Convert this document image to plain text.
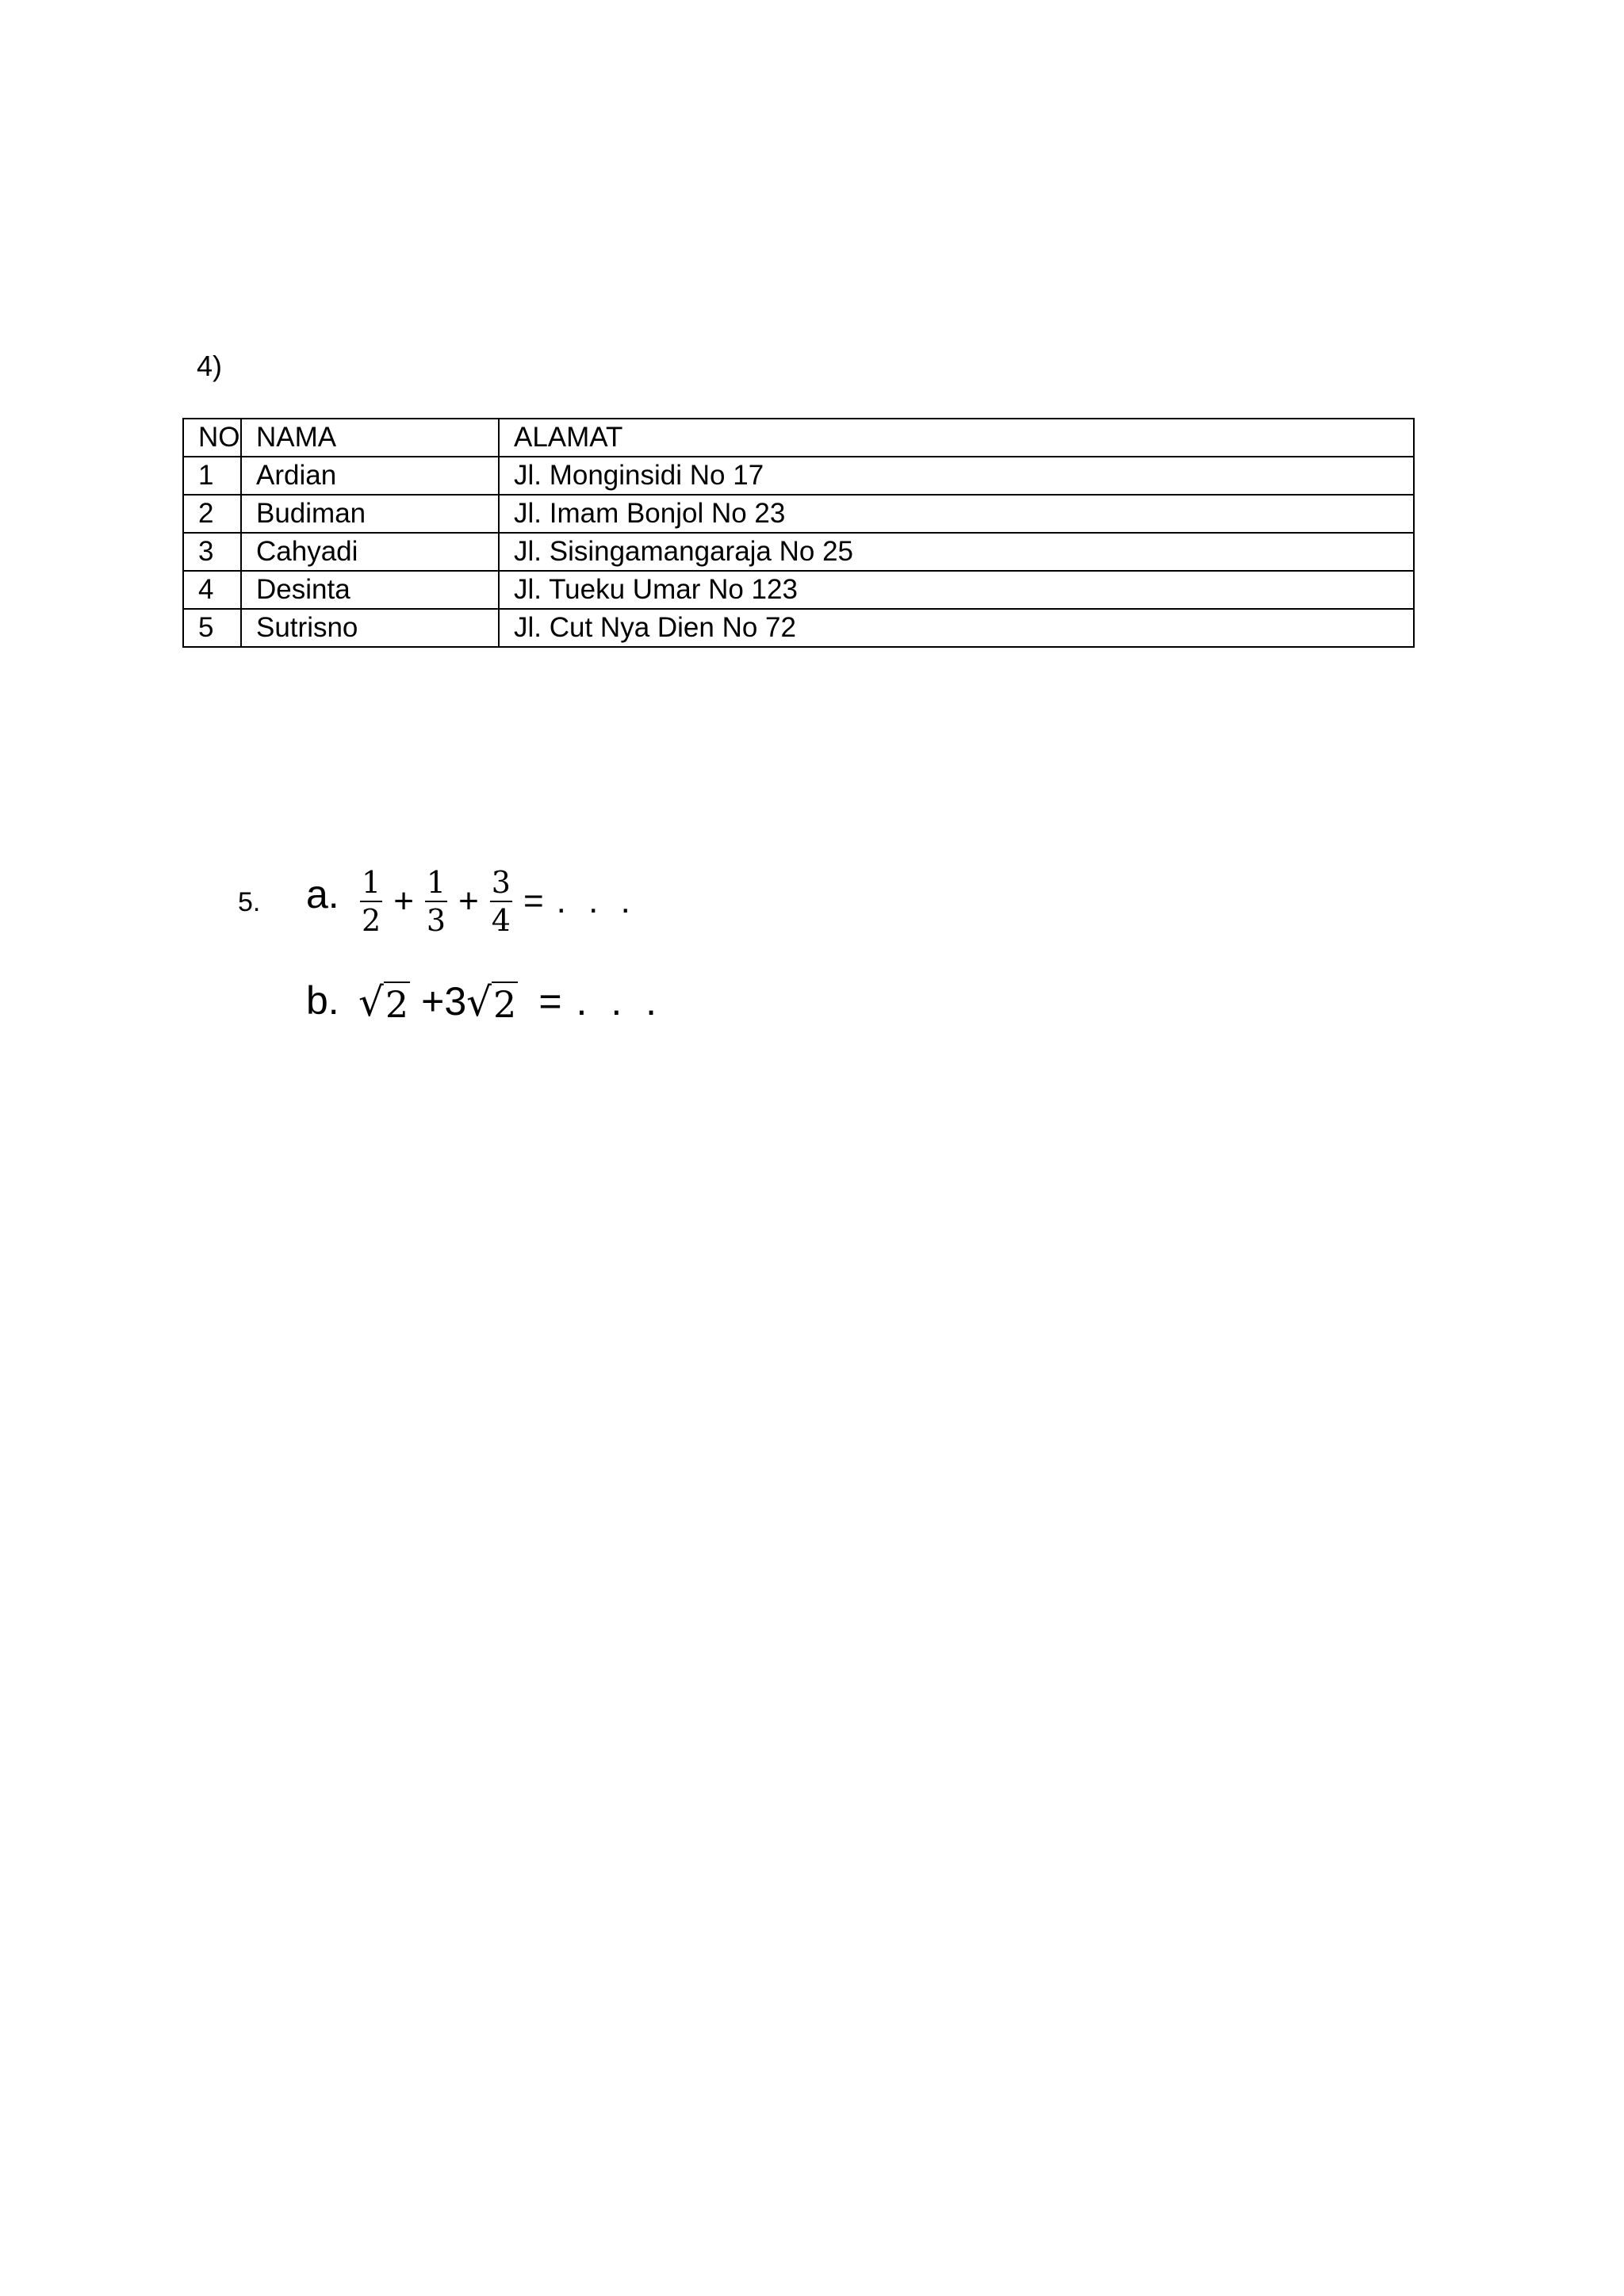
4)
NO	NAMA	ALAMAT
1	Ardian	Jl. Monginsidi No 17
2	Budiman	Jl. Imam Bonjol No 23
3	Cahyadi	Jl. Sisingamangaraja No 25
4	Desinta	Jl. Tueku Umar No 123
5	Sutrisno	Jl. Cut Nya Dien No 72
5. a. $\frac{1}{2} + \frac{1}{3} + \frac{3}{4}$ = . . .
b. √ 2 +3 √ 2 = . . .
